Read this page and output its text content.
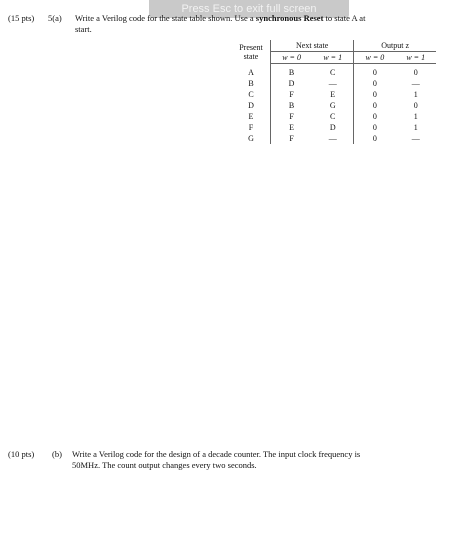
Press Esc to exit full screen
(15 pts) 5(a) Write a Verilog code for the state table shown. Use a synchronous Reset to state A at
start.
Present
state	Next state		Output z	
	w = 0	w = 1	w = 0	w = 1
A	B	C	0	0
B	D	—	0	—
C	F	E	0	1
D	B	G	0	0
E	F	C	0	1
F	E	D	0	1
G	F	—	0	—
(10 pts) (b) Write a Verilog code for the design of a decade counter. The input clock frequency is
50MHz. The count output changes every two seconds.
